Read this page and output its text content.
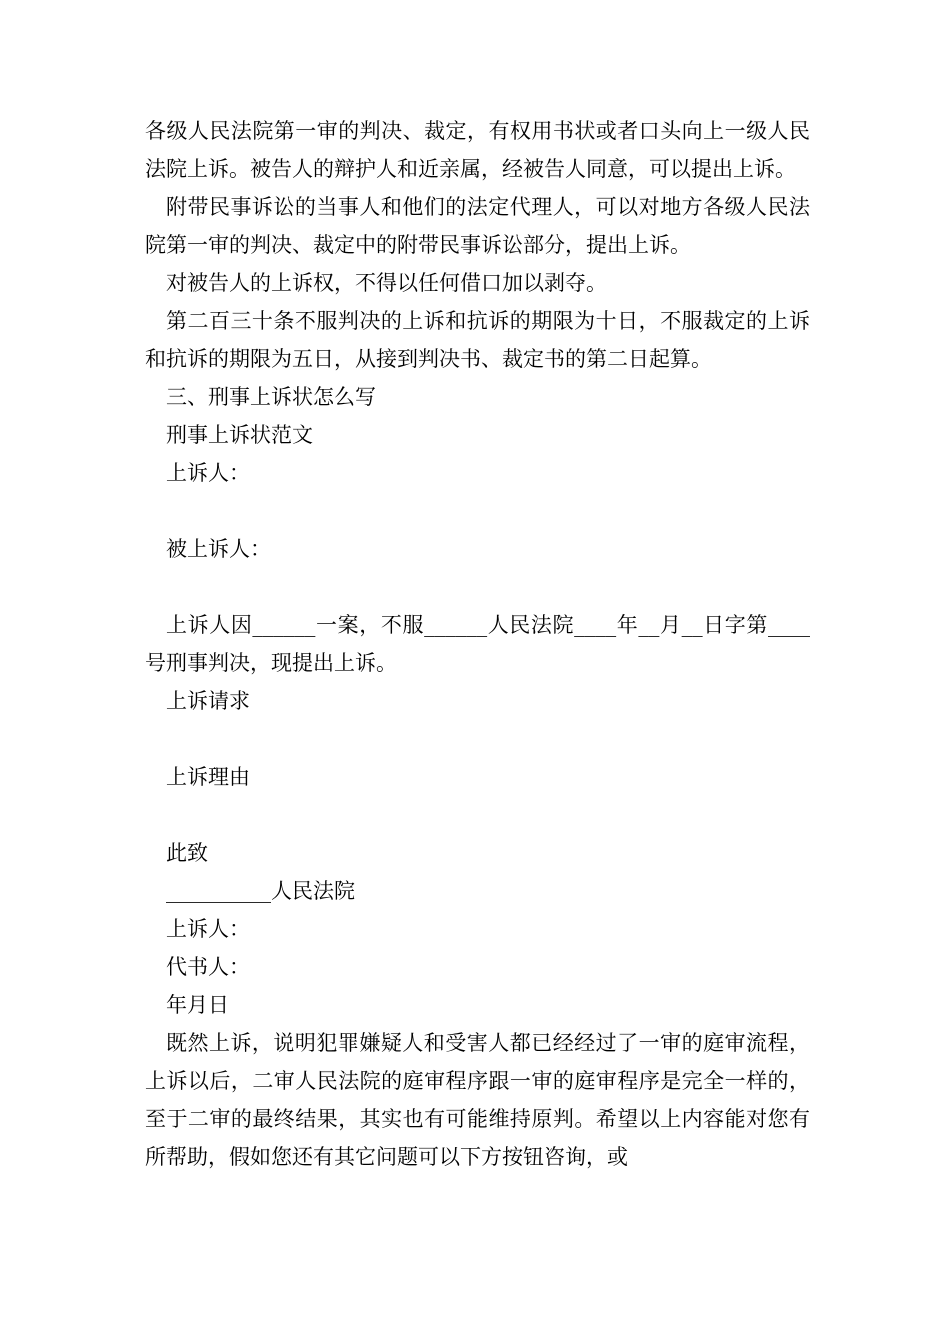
各级人民法院第一审的判决、裁定，有权用书状或者口头向上一级人民法院上诉。被告人的辩护人和近亲属，经被告人同意，可以提出上诉。

附带民事诉讼的当事人和他们的法定代理人，可以对地方各级人民法院第一审的判决、裁定中的附带民事诉讼部分，提出上诉。

对被告人的上诉权，不得以任何借口加以剥夺。

第二百三十条不服判决的上诉和抗诉的期限为十日，不服裁定的上诉和抗诉的期限为五日，从接到判决书、裁定书的第二日起算。

三、刑事上诉状怎么写

刑事上诉状范文

上诉人：

被上诉人：

上诉人因______一案，不服______人民法院____年__月__日字第____号刑事判决，现提出上诉。

上诉请求

上诉理由

此致

__________人民法院

上诉人：

代书人：

年月日

既然上诉，说明犯罪嫌疑人和受害人都已经经过了一审的庭审流程，上诉以后，二审人民法院的庭审程序跟一审的庭审程序是完全一样的，至于二审的最终结果，其实也有可能维持原判。希望以上内容能对您有所帮助，假如您还有其它问题可以下方按钮咨询，或
